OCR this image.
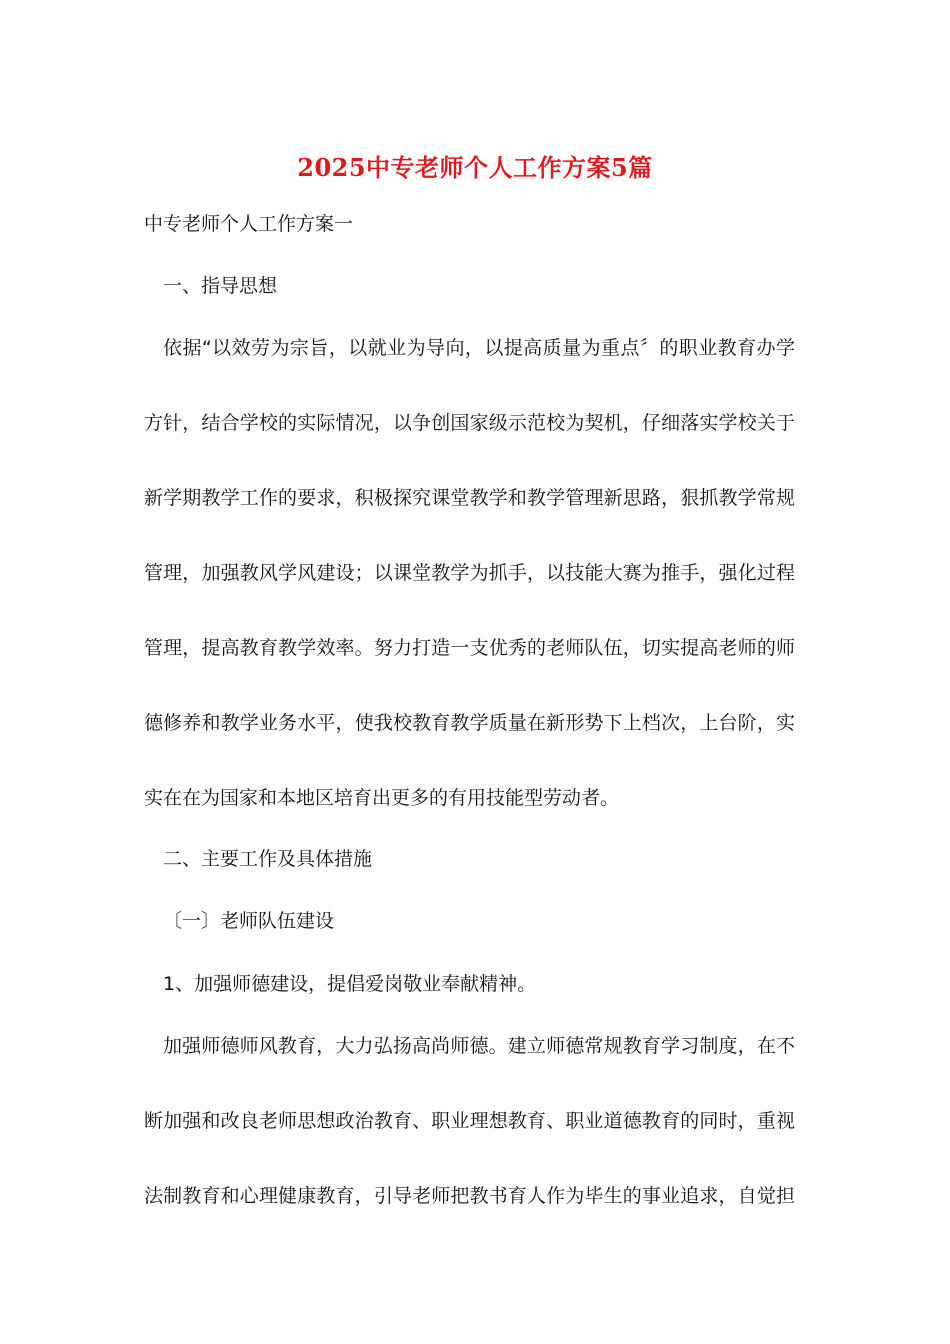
2025中专老师个人工作方案5篇
中专老师个人工作方案一
一、指导思想
依据“以效劳为宗旨，以就业为导向，以提高质量为重点〞的职业教育办学
方针，结合学校的实际情况，以争创国家级示范校为契机，仔细落实学校关于
新学期教学工作的要求，积极探究课堂教学和教学管理新思路，狠抓教学常规
管理，加强教风学风建设；以课堂教学为抓手，以技能大赛为推手，强化过程
管理，提高教育教学效率。努力打造一支优秀的老师队伍，切实提高老师的师
德修养和教学业务水平，使我校教育教学质量在新形势下上档次，上台阶，实
实在在为国家和本地区培育出更多的有用技能型劳动者。
二、主要工作及具体措施
〔一〕老师队伍建设
1、加强师德建设，提倡爱岗敬业奉献精神。
加强师德师风教育，大力弘扬高尚师德。建立师德常规教育学习制度，在不
断加强和改良老师思想政治教育、职业理想教育、职业道德教育的同时，重视
法制教育和心理健康教育，引导老师把教书育人作为毕生的事业追求，自觉担
